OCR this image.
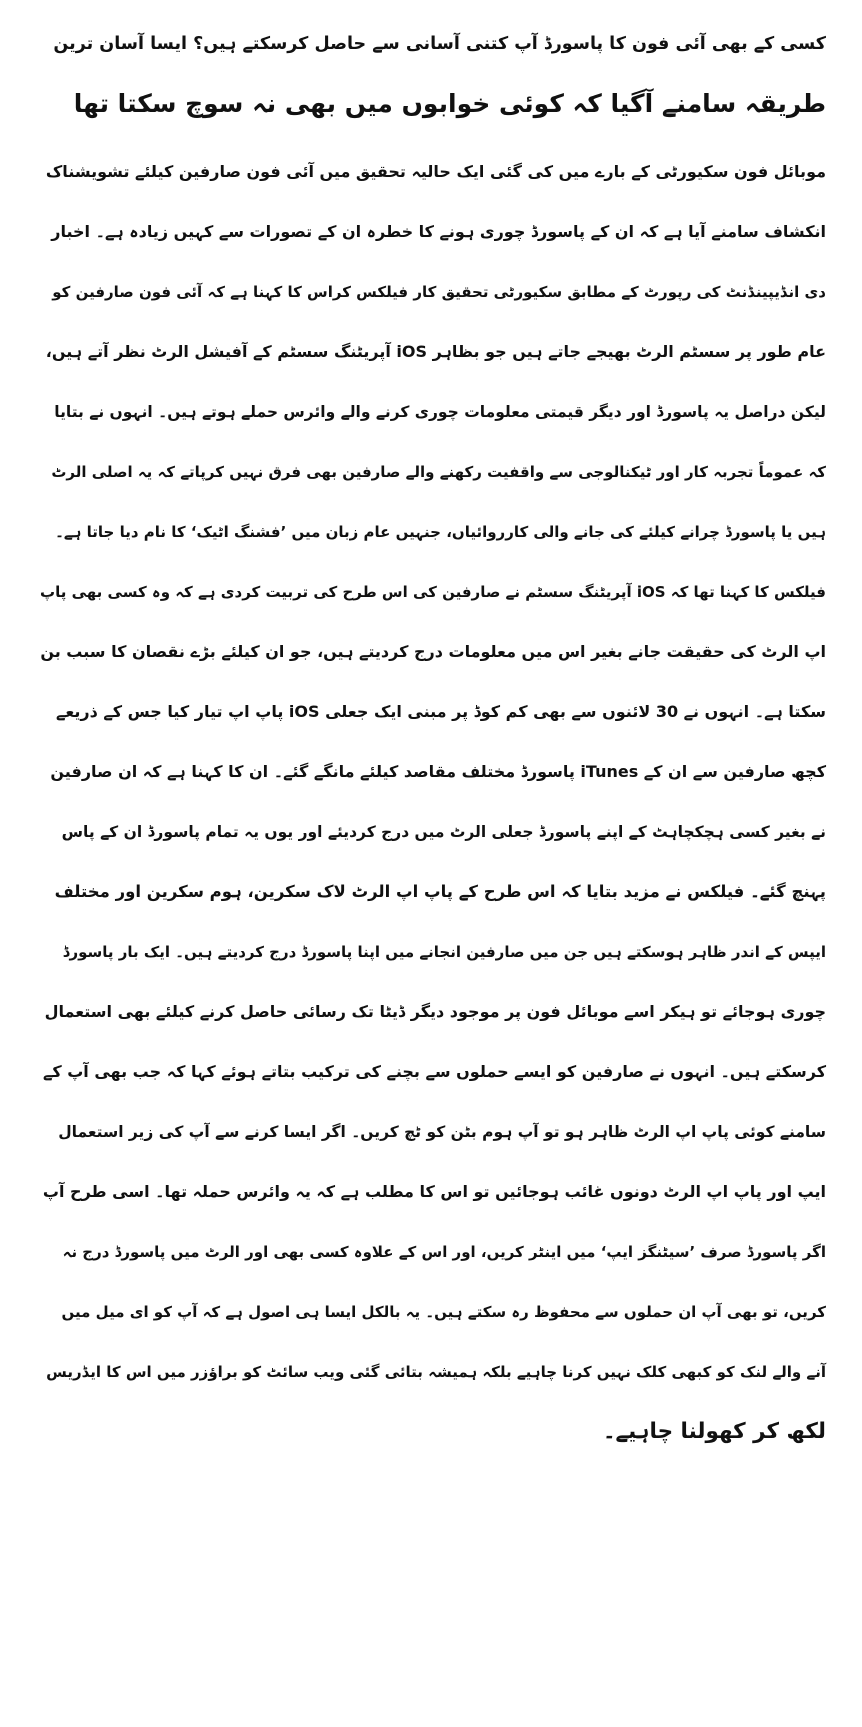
کسی کے بھی آئی فون کا پاسورڈ آپ کتنی آسانی سے حاصل کرسکتے ہیں؟ ایسا آسان ترین
طریقہ سامنے آگیا کہ کوئی خوابوں میں بھی نہ سوچ سکتا تھا
موبائل فون سکیورٹی کے بارے میں کی گئی ایک حالیہ تحقیق میں آئی فون صارفین کیلئے تشویشناک
انکشاف سامنے آیا ہے کہ ان کے پاسورڈ چوری ہونے کا خطرہ ان کے تصورات سے کہیں زیادہ ہے۔ اخبار
دی انڈیپینڈنٹ کی رپورٹ کے مطابق سکیورٹی تحقیق کار فیلکس کراس کا کہنا ہے کہ آئی فون صارفین کو
عام طور پر سسٹم الرٹ بھیجے جاتے ہیں جو بظاہر iOS آپریٹنگ سسٹم کے آفیشل الرٹ نظر آتے ہیں،
لیکن دراصل یہ پاسورڈ اور دیگر قیمتی معلومات چوری کرنے والے وائرس حملے ہوتے ہیں۔ انہوں نے بتایا
کہ عموماً تجربہ کار اور ٹیکنالوجی سے واقفیت رکھنے والے صارفین بھی فرق نہیں کرپاتے کہ یہ اصلی الرٹ
ہیں یا پاسورڈ چرانے کیلئے کی جانے والی کارروائیاں، جنہیں عام زبان میں ’فشنگ اٹیک‘ کا نام دیا جاتا ہے۔
فیلکس کا کہنا تھا کہ iOS آپریٹنگ سسٹم نے صارفین کی اس طرح کی تربیت کردی ہے کہ وہ کسی بھی پاپ
اپ الرٹ کی حقیقت جانے بغیر اس میں معلومات درج کردیتے ہیں، جو ان کیلئے بڑے نقصان کا سبب بن
سکتا ہے۔ انہوں نے 30 لائنوں سے بھی کم کوڈ پر مبنی ایک جعلی iOS پاپ اپ تیار کیا جس کے ذریعے
کچھ صارفین سے ان کے iTunes پاسورڈ مختلف مقاصد کیلئے مانگے گئے۔ ان کا کہنا ہے کہ ان صارفین
نے بغیر کسی ہچکچاہٹ کے اپنے پاسورڈ جعلی الرٹ میں درج کردیئے اور یوں یہ تمام پاسورڈ ان کے پاس
پہنچ گئے۔ فیلکس نے مزید بتایا کہ اس طرح کے پاپ اپ الرٹ لاک سکرین، ہوم سکرین اور مختلف
ایپس کے اندر ظاہر ہوسکتے ہیں جن میں صارفین انجانے میں اپنا پاسورڈ درج کردیتے ہیں۔ ایک بار پاسورڈ
چوری ہوجائے تو ہیکر اسے موبائل فون پر موجود دیگر ڈیٹا تک رسائی حاصل کرنے کیلئے بھی استعمال
کرسکتے ہیں۔ انہوں نے صارفین کو ایسے حملوں سے بچنے کی ترکیب بتاتے ہوئے کہا کہ جب بھی آپ کے
سامنے کوئی پاپ اپ الرٹ ظاہر ہو تو آپ ہوم بٹن کو ٹچ کریں۔ اگر ایسا کرنے سے آپ کی زیر استعمال
ایپ اور پاپ اپ الرٹ دونوں غائب ہوجائیں تو اس کا مطلب ہے کہ یہ وائرس حملہ تھا۔ اسی طرح آپ
اگر پاسورڈ صرف ’سیٹنگز ایپ‘ میں اینٹر کریں، اور اس کے علاوہ کسی بھی اور الرٹ میں پاسورڈ درج نہ
کریں، تو بھی آپ ان حملوں سے محفوظ رہ سکتے ہیں۔ یہ بالکل ایسا ہی اصول ہے کہ آپ کو ای میل میں
آنے والے لنک کو کبھی کلک نہیں کرنا چاہیے بلکہ ہمیشہ بتائی گئی ویب سائٹ کو براؤزر میں اس کا ایڈریس
لکھ کر کھولنا چاہیے۔
